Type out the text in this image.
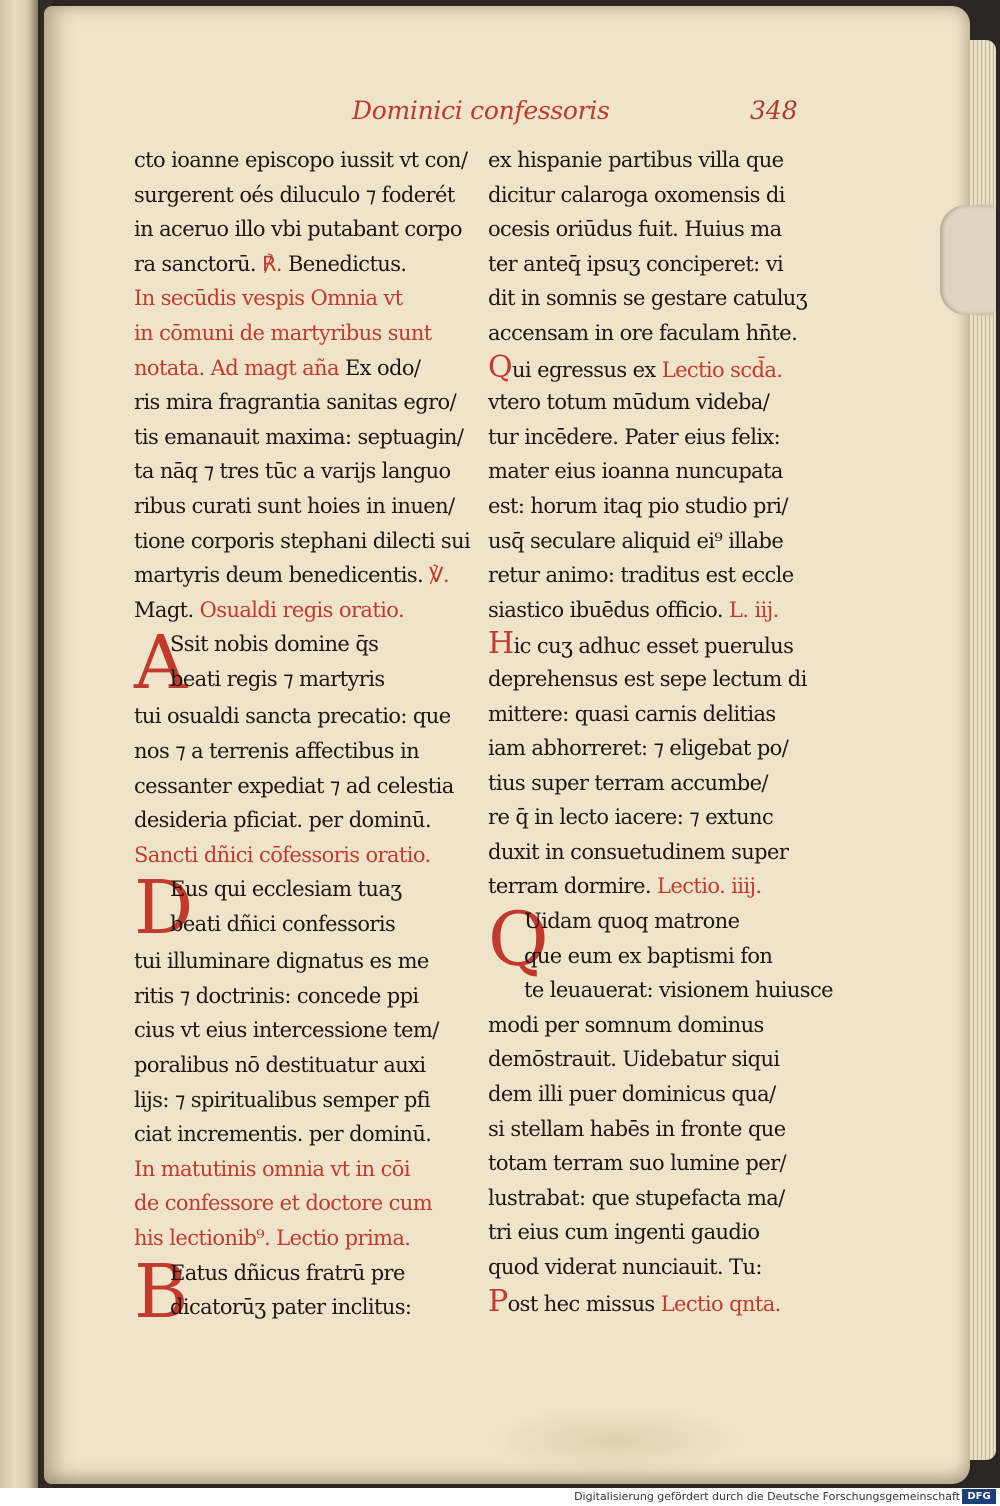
Dominici confessoris	348
cto ioanne episcopo iussit vt con/
surgerent oés diluculo ⁊ foderét
in aceruo illo vbi putabant corpo
ra sanctorū. ℟. Benedictus.
In secūdis vespis Omnia vt
in cōmuni de martyribus sunt
notata. Ad magt aña Ex odo/
ris mira fragrantia sanitas egro/
tis emanauit maxima: septuagin/
ta nāq ⁊ tres tūc a varijs languo
ribus curati sunt hoies in inuen/
tione corporis stephani dilecti sui
martyris deum benedicentis. ℣.
Magt. Osualdi regis oratio.
A
Ssit nobis domine q̄s
beati regis ⁊ martyris
tui osualdi sancta precatio: que
nos ⁊ a terrenis affectibus in
cessanter expediat ⁊ ad celestia
desideria pficiat. per dominū.
Sancti dñici cōfessoris oratio.
D
Eus qui ecclesiam tuaʒ
beati dñici confessoris
tui illuminare dignatus es me
ritis ⁊ doctrinis: concede ppi
cius vt eius intercessione tem/
poralibus nō destituatur auxi
lijs: ⁊ spiritualibus semper pfi
ciat incrementis. per dominū.
In matutinis omnia vt in cōi
de confessore et doctore cum
his lectionib⁹. Lectio prima.
B
Eatus dñicus fratrū pre
dicatorūʒ pater inclitus:
ex hispanie partibus villa que
dicitur calaroga oxomensis di
ocesis oriūdus fuit. Huius ma
ter anteq̄ ipsuʒ conciperet: vi
dit in somnis se gestare catuluʒ
accensam in ore faculam hn̄te.
Qui egressus ex Lectio scd̄a.
vtero totum mūdum videba/
tur incēdere. Pater eius felix:
mater eius ioanna nuncupata
est: horum itaq pio studio pri/
usq̄ seculare aliquid ei⁹ illabe
retur animo: traditus est eccle
siastico ibuēdus officio. L. iij.
Hic cuʒ adhuc esset puerulus
deprehensus est sepe lectum di
mittere: quasi carnis delitias
iam abhorreret: ⁊ eligebat po/
tius super terram accumbe/
re q̄ in lecto iacere: ⁊ extunc
duxit in consuetudinem super
terram dormire. Lectio. iiij.
Q
Uidam quoq matrone
que eum ex baptismi fon
te leuauerat: visionem huiusce
modi per somnum dominus
demōstrauit. Uidebatur siqui
dem illi puer dominicus qua/
si stellam habēs in fronte que
totam terram suo lumine per/
lustrabat: que stupefacta ma/
tri eius cum ingenti gaudio
quod viderat nunciauit. Tu:
Post hec missus Lectio qnta.
Digitalisierung gefördert durch die Deutsche Forschungsgemeinschaft DFG
